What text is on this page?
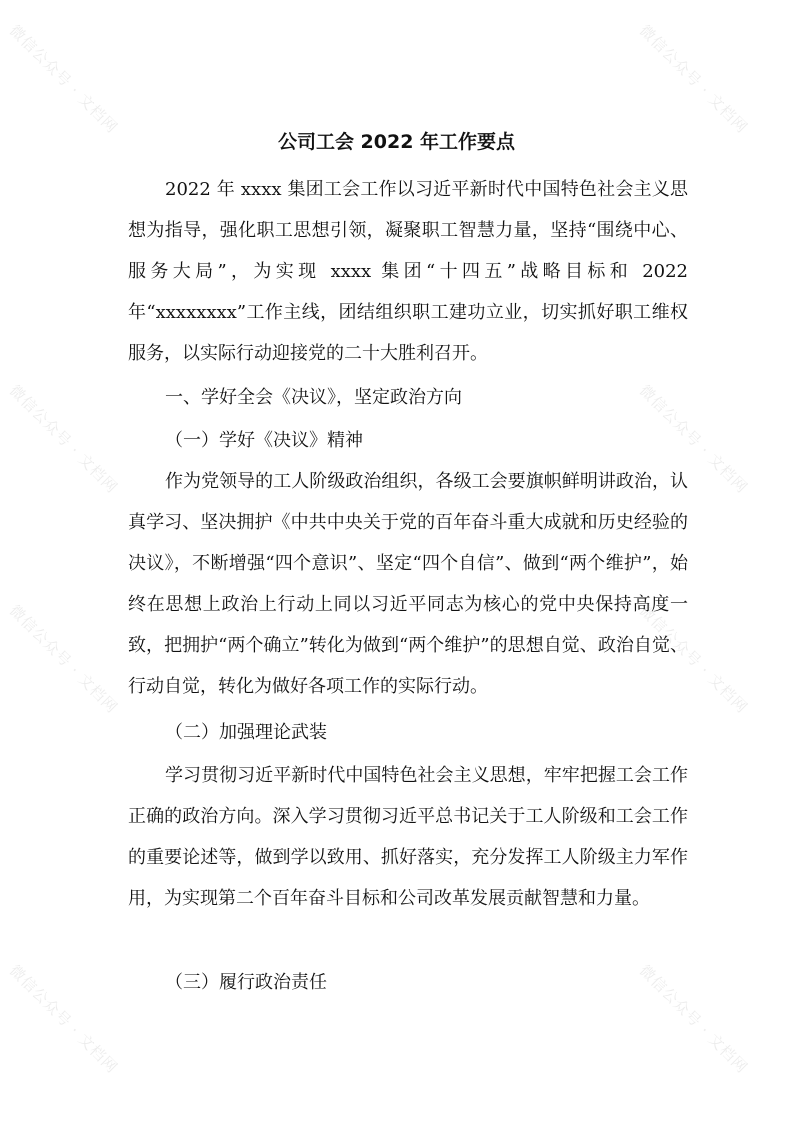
微信公众号 · 文档网	微信公众号 · 文档网
微信公众号 · 文档网	微信公众号 · 文档网
微信公众号 · 文档网	微信公众号 · 文档网
微信公众号 · 文档网	微信公众号 · 文档网
公司工会 2022 年工作要点

2022 年 xxxx 集团工会工作以习近平新时代中国特色社会主义思想为指导，强化职工思想引领，凝聚职工智慧力量，坚持“围绕中心、服务大局”，为实现 xxxx 集团“十四五”战略目标和 2022 年“xxxxxxxx”工作主线，团结组织职工建功立业，切实抓好职工维权服务，以实际行动迎接党的二十大胜利召开。

一、学好全会《决议》，坚定政治方向

（一）学好《决议》精神

作为党领导的工人阶级政治组织，各级工会要旗帜鲜明讲政治，认真学习、坚决拥护《中共中央关于党的百年奋斗重大成就和历史经验的决议》，不断增强“四个意识”、坚定“四个自信”、做到“两个维护”，始终在思想上政治上行动上同以习近平同志为核心的党中央保持高度一致，把拥护“两个确立”转化为做到“两个维护”的思想自觉、政治自觉、行动自觉，转化为做好各项工作的实际行动。

（二）加强理论武装

学习贯彻习近平新时代中国特色社会主义思想，牢牢把握工会工作正确的政治方向。深入学习贯彻习近平总书记关于工人阶级和工会工作的重要论述等，做到学以致用、抓好落实，充分发挥工人阶级主力军作用，为实现第二个百年奋斗目标和公司改革发展贡献智慧和力量。

（三）履行政治责任
